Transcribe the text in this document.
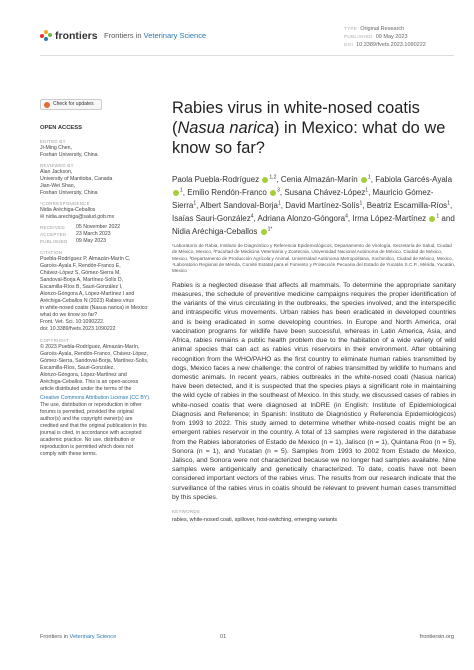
frontiers Frontiers in Veterinary Science
TYPE Original Research
PUBLISHED 09 May 2023
DOI 10.3389/fvets.2023.1090222
Check for updates
OPEN ACCESS
EDITED BY
Ji-Ming Chen,
Foshan University, China
REVIEWED BY
Alan Jackson,
University of Manitoba, Canada
Jian-Wei Shao,
Foshan University, China
*CORRESPONDENCE
Nidia Aréchiga-Ceballos
✉ nidia.arechiga@salud.gob.mx
RECEIVED	05 November 2022
ACCEPTED	23 March 2023
PUBLISHED	09 May 2023
CITATION
Puebla-Rodríguez P, Almazán-Marín C,
Garcés-Ayala F, Rendón-Franco E,
Chávez-López S, Gómez-Sierra M,
Sandoval-Borja A, Martínez-Solís D,
Escamilla-Ríos B, Sauri-González I,
Alonzo-Góngora A, López-Martínez I and
Aréchiga-Ceballos N (2023) Rabies virus
in white-nosed coatis (Nasua narica) in Mexico:
what do we know so far?
Front. Vet. Sci. 10:1090222.
doi: 10.3389/fvets.2023.1090222
COPYRIGHT
© 2023 Puebla-Rodríguez, Almazán-Marín,
Garcés-Ayala, Rendón-Franco, Chávez-López,
Gómez-Sierra, Sandoval-Borja, Martínez-Solís,
Escamilla-Ríos, Sauri-González,
Alonzo-Góngora, López-Martínez and
Aréchiga-Ceballos. This is an open-access
article distributed under the terms of the
Creative Commons Attribution License (CC BY).
The use, distribution or reproduction in other
forums is permitted, provided the original
author(s) and the copyright owner(s) are
credited and that the original publication in this
journal is cited, in accordance with accepted
academic practice. No use, distribution or
reproduction is permitted which does not
comply with these terms.
Rabies virus in white-nosed coatis (Nasua narica) in Mexico: what do we know so far?
Paola Puebla-Rodríguez $^{1,2}$, Cenia Almazán-Marín $^1$, Fabiola Garcés-Ayala $^1$, Emilio Rendón-Franco $^3$, Susana Chávez-López$^1$, Mauricio Gómez-Sierra$^1$, Albert Sandoval-Borja$^1$, David Martínez-Solís$^1$, Beatriz Escamilla-Ríos$^1$, Isaías Sauri-González$^4$, Adriana Alonzo-Góngora$^4$, Irma López-Martínez $^1$ and Nidia Aréchiga-Ceballos $^{1*}$
¹Laboratorio de Rabia, Instituto de Diagnóstico y Referencia Epidemiológicos, Departamento de Virología, Secretaría de Salud, Ciudad de México, Mexico, ²Facultad de Medicina Veterinaria y Zootecnia, Universidad Nacional Autónoma de México, Ciudad de México, Mexico, ³Departamento de Producción Agrícola y Animal, Universidad Autónoma Metropolitana, Xochimilco, Ciudad de México, Mexico, ⁴Laboratorio Regional de Mérida, Comité Estatal para el Fomento y Protección Pecuaria del Estado de Yucatán S.C.P., Mérida, Yucatán, Mexico
Rabies is a neglected disease that affects all mammals. To determine the appropriate sanitary measures, the schedule of preventive medicine campaigns requires the proper identification of the variants of the virus circulating in the outbreaks, the species involved, and the interspecific and intraspecific virus movements. Urban rabies has been eradicated in developed countries and is being eradicated in some developing countries. In Europe and North America, oral vaccination programs for wildlife have been successful, whereas in Latin America, Asia, and Africa, rabies remains a public health problem due to the habitation of a wide variety of wild animal species that can act as rabies virus reservoirs in their environment. After obtaining recognition from the WHO/PAHO as the first country to eliminate human rabies transmitted by dogs, Mexico faces a new challenge: the control of rabies transmitted by wildlife to humans and domestic animals. In recent years, rabies outbreaks in the white-nosed coati (Nasua narica) have been detected, and it is suspected that the species plays a significant role in maintaining the wild cycle of rabies in the southeast of Mexico. In this study, we discussed cases of rabies in white-nosed coatis that were diagnosed at InDRE (in English: Institute of Epidemiological Diagnosis and Reference; in Spanish: Instituto de Diagnóstico y Referencia Epidemiológicos) from 1993 to 2022. This study aimed to determine whether white-nosed coatis might be an emergent rabies reservoir in the country. A total of 13 samples were registered in the database from the Rabies laboratories of Estado de Mexico (n = 1), Jalisco (n = 1), Quintana Roo (n = 5), Sonora (n = 1), and Yucatan (n = 5). Samples from 1993 to 2002 from Estado de Mexico, Jalisco, and Sonora were not characterized because we no longer had samples available. Nine samples were antigenically and genetically characterized. To date, coatis have not been considered important vectors of the rabies virus. The results from our research indicate that the surveillance of the rabies virus in coatis should be relevant to prevent human cases transmitted by this species.
KEYWORDS
rabies, white-nosed coati, spillover, host-switching, emerging variants
Frontiers in Veterinary Science	01	frontiersin.org
